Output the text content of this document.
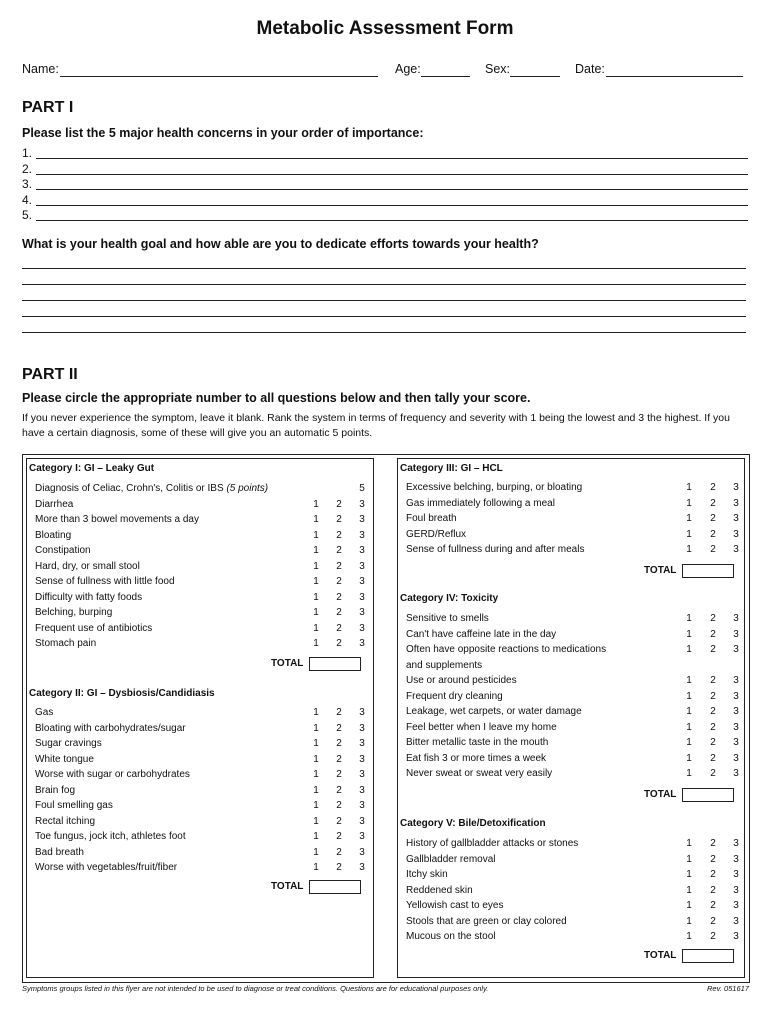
Metabolic Assessment Form
Name:	Age:	Sex:	Date:
PART I
Please list the 5 major health concerns in your order of importance:
1.
2.
3.
4.
5.
What is your health goal and how able are you to dedicate efforts towards your health?
PART II
Please circle the appropriate number to all questions below and then tally your score.
If you never experience the symptom, leave it blank. Rank the system in terms of frequency and severity with 1 being the lowest and 3 the highest. If you have a certain diagnosis, some of these will give you an automatic 5 points.
Category I: GI – Leaky Gut
Diagnosis of Celiac, Crohn's, Colitis or IBS (5 points)	5
Diarrhea	1 2 3
More than 3 bowel movements a day	1 2 3
Bloating	1 2 3
Constipation	1 2 3
Hard, dry, or small stool	1 2 3
Sense of fullness with little food	1 2 3
Difficulty with fatty foods	1 2 3
Belching, burping	1 2 3
Frequent use of antibiotics	1 2 3
Stomach pain	1 2 3
TOTAL
Category II: GI – Dysbiosis/Candidiasis
Gas	1 2 3
Bloating with carbohydrates/sugar	1 2 3
Sugar cravings	1 2 3
White tongue	1 2 3
Worse with sugar or carbohydrates	1 2 3
Brain fog	1 2 3
Foul smelling gas	1 2 3
Rectal itching	1 2 3
Toe fungus, jock itch, athletes foot	1 2 3
Bad breath	1 2 3
Worse with vegetables/fruit/fiber	1 2 3
TOTAL
Category III: GI – HCL
Excessive belching, burping, or bloating	1 2 3
Gas immediately following a meal	1 2 3
Foul breath	1 2 3
GERD/Reflux	1 2 3
Sense of fullness during and after meals	1 2 3
TOTAL
Category IV: Toxicity
Sensitive to smells	1 2 3
Can't have caffeine late in the day	1 2 3
Often have opposite reactions to medications	1 2 3
and supplements
Use or around pesticides	1 2 3
Frequent dry cleaning	1 2 3
Leakage, wet carpets, or water damage	1 2 3
Feel better when I leave my home	1 2 3
Bitter metallic taste in the mouth	1 2 3
Eat fish 3 or more times a week	1 2 3
Never sweat or sweat very easily	1 2 3
TOTAL
Category V: Bile/Detoxification
History of gallbladder attacks or stones	1 2 3
Gallbladder removal	1 2 3
Itchy skin	1 2 3
Reddened skin	1 2 3
Yellowish cast to eyes	1 2 3
Stools that are green or clay colored	1 2 3
Mucous on the stool	1 2 3
TOTAL
Symptoms groups listed in this flyer are not intended to be used to diagnose or treat conditions. Questions are for educational purposes only.	Rev. 051617
